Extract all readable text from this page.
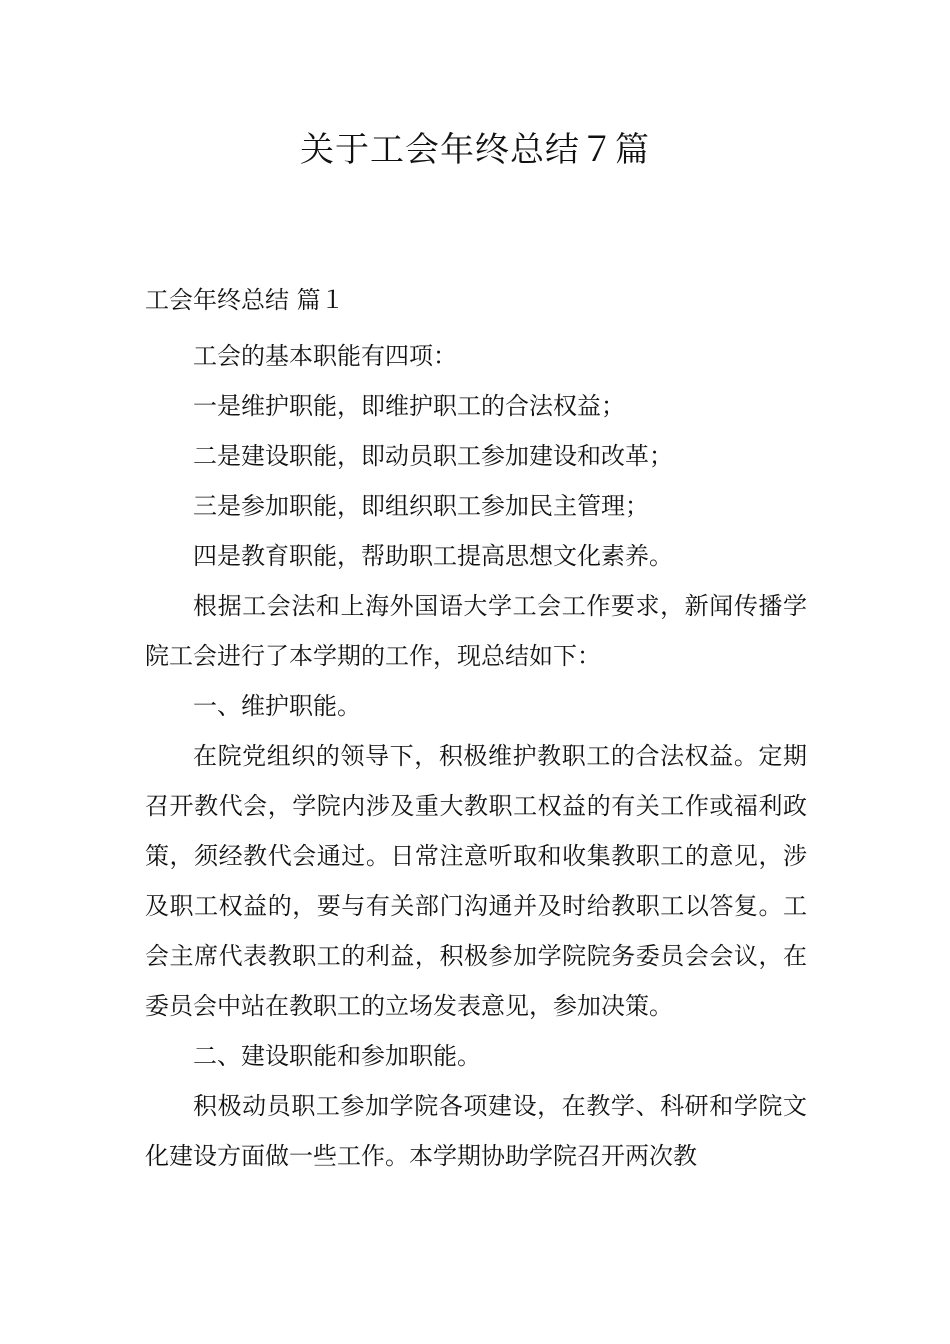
关于工会年终总结７篇
工会年终总结 篇１

工会的基本职能有四项：

一是维护职能，即维护职工的合法权益；

二是建设职能，即动员职工参加建设和改革；

三是参加职能，即组织职工参加民主管理；

四是教育职能，帮助职工提高思想文化素养。

根据工会法和上海外国语大学工会工作要求，新闻传播学院工会进行了本学期的工作，现总结如下：

一、维护职能。

在院党组织的领导下，积极维护教职工的合法权益。定期召开教代会，学院内涉及重大教职工权益的有关工作或福利政策，须经教代会通过。日常注意听取和收集教职工的意见，涉及职工权益的，要与有关部门沟通并及时给教职工以答复。工会主席代表教职工的利益，积极参加学院院务委员会会议，在委员会中站在教职工的立场发表意见，参加决策。

二、建设职能和参加职能。

积极动员职工参加学院各项建设，在教学、科研和学院文化建设方面做一些工作。本学期协助学院召开两次教
